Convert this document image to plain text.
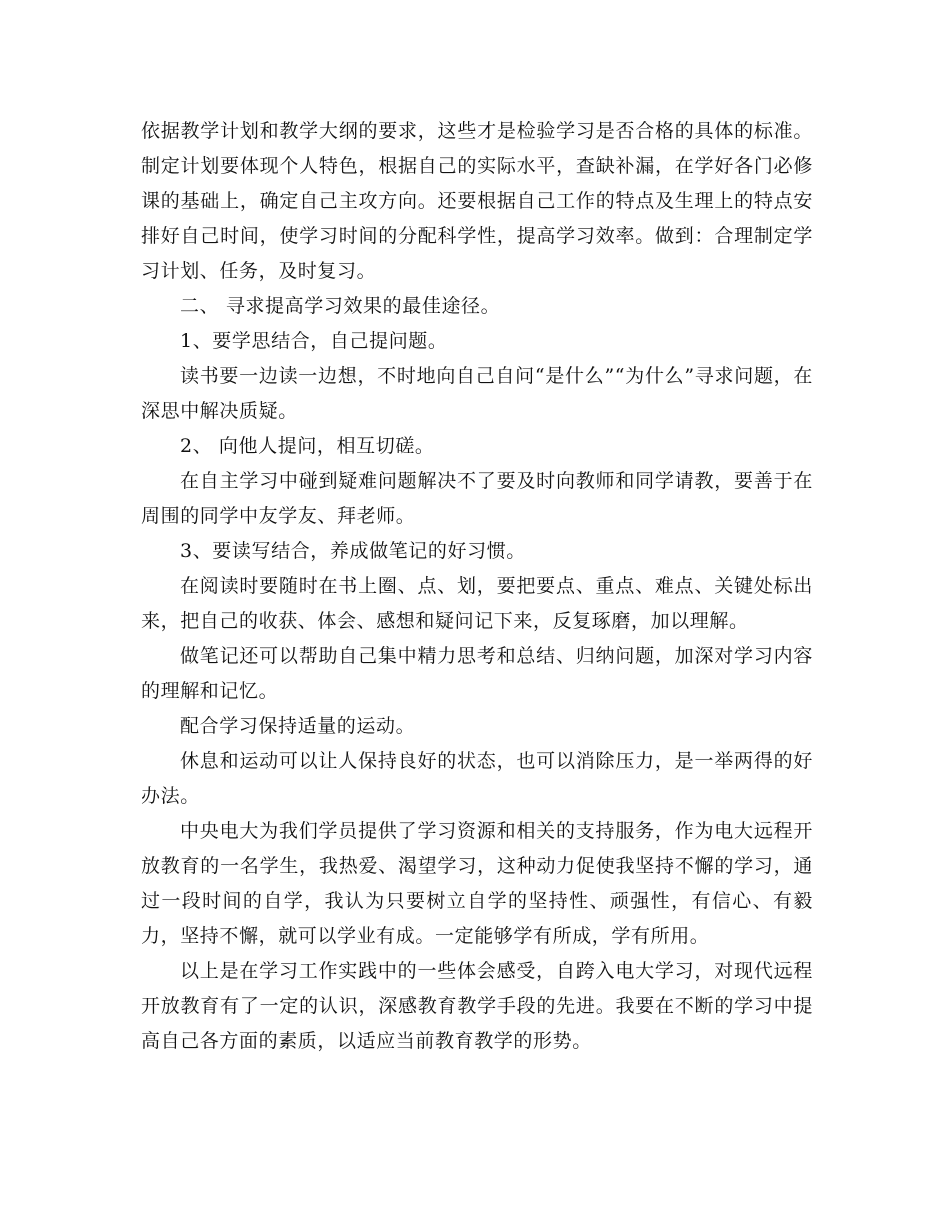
依据教学计划和教学大纲的要求，这些才是检验学习是否合格的具体的标准。制定计划要体现个人特色，根据自己的实际水平，查缺补漏，在学好各门必修课的基础上，确定自己主攻方向。还要根据自己工作的特点及生理上的特点安排好自己时间，使学习时间的分配科学性，提高学习效率。做到：合理制定学习计划、任务，及时复习。

二、 寻求提高学习效果的最佳途径。

1、要学思结合，自己提问题。

读书要一边读一边想，不时地向自己自问“是什么”“为什么”寻求问题，在深思中解决质疑。

2、 向他人提问，相互切磋。

在自主学习中碰到疑难问题解决不了要及时向教师和同学请教，要善于在周围的同学中友学友、拜老师。

3、要读写结合，养成做笔记的好习惯。

在阅读时要随时在书上圈、点、划，要把要点、重点、难点、关键处标出来，把自己的收获、体会、感想和疑问记下来，反复琢磨，加以理解。

做笔记还可以帮助自己集中精力思考和总结、归纳问题，加深对学习内容的理解和记忆。

配合学习保持适量的运动。

休息和运动可以让人保持良好的状态，也可以消除压力，是一举两得的好办法。

中央电大为我们学员提供了学习资源和相关的支持服务，作为电大远程开放教育的一名学生，我热爱、渴望学习，这种动力促使我坚持不懈的学习，通过一段时间的自学，我认为只要树立自学的坚持性、顽强性，有信心、有毅力，坚持不懈，就可以学业有成。一定能够学有所成，学有所用。

以上是在学习工作实践中的一些体会感受，自跨入电大学习，对现代远程开放教育有了一定的认识，深感教育教学手段的先进。我要在不断的学习中提高自己各方面的素质，以适应当前教育教学的形势。
